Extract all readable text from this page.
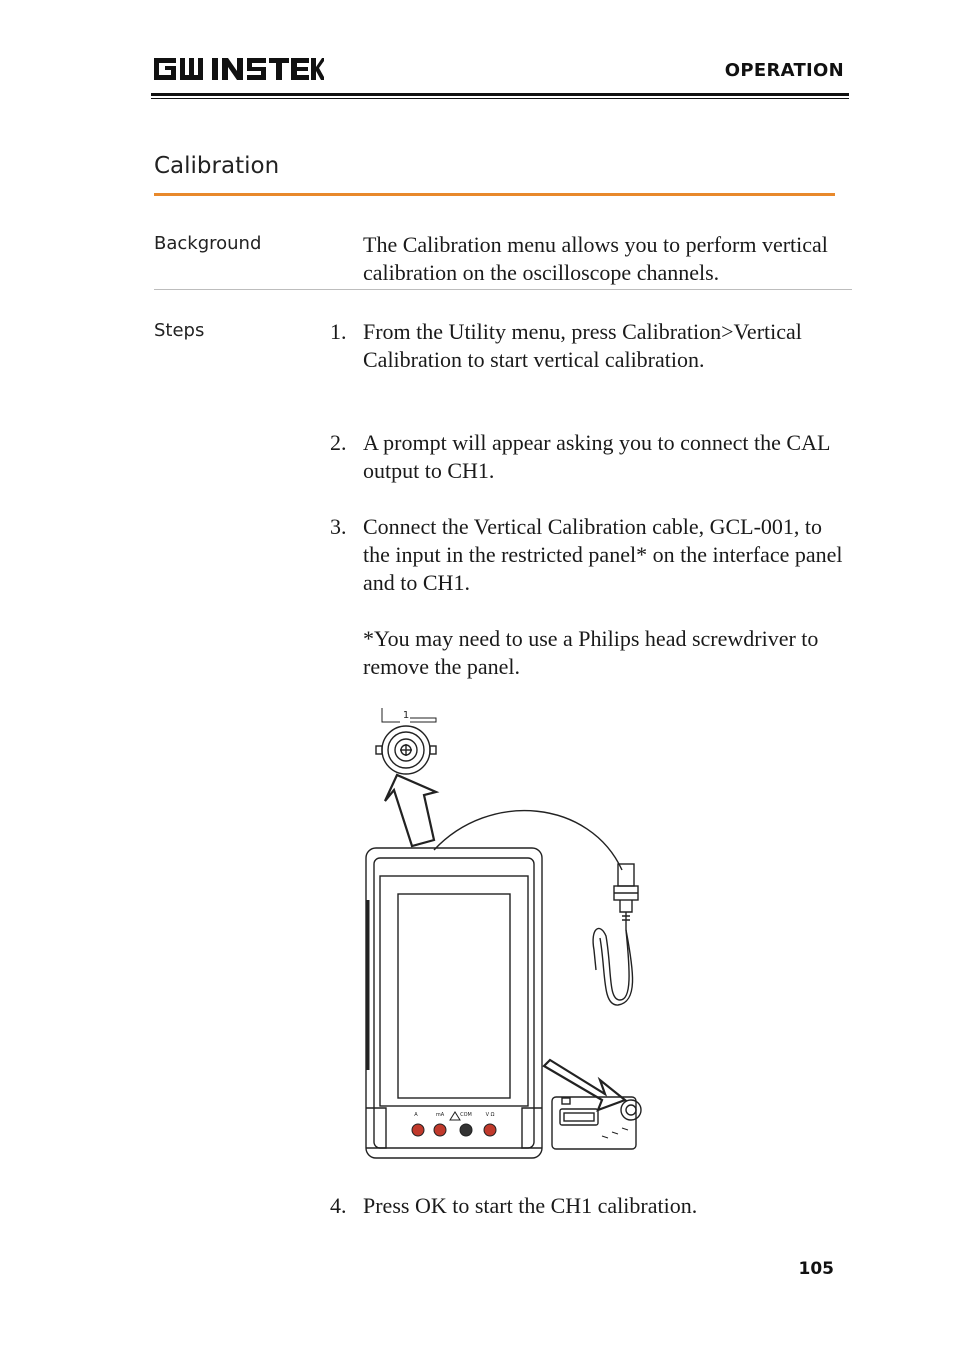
OPERATION
Calibration
Background	The Calibration menu allows you to perform vertical calibration on the oscilloscope channels.
Steps	1. From the Utility menu, press Calibration>Vertical Calibration to start vertical calibration.
2. A prompt will appear asking you to connect the CAL output to CH1.
3. Connect the Vertical Calibration cable, GCL-001, to the input in the restricted panel* on the interface panel and to CH1.
*You may need to use a Philips head screwdriver to remove the panel.
1
A	mA	COM	V Ω
4. Press OK to start the CH1 calibration.
105
